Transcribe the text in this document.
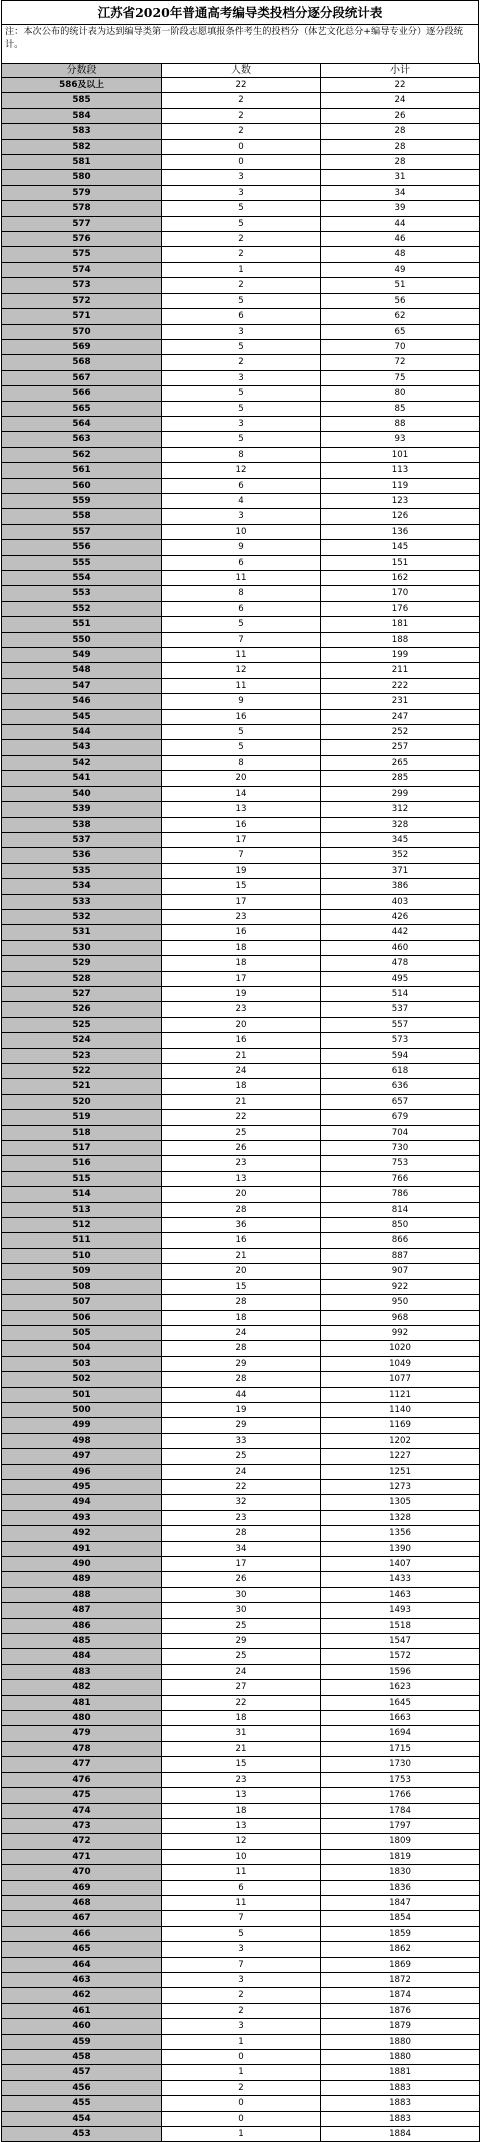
江苏省2020年普通高考编导类投档分逐分段统计表
注：本次公布的统计表为达到编导类第一阶段志愿填报条件考生的投档分（体艺文化总分+编导专业分）逐分段统计。
分数段	人数	小计
586及以上	22	22
585	2	24
584	2	26
583	2	28
582	0	28
581	0	28
580	3	31
579	3	34
578	5	39
577	5	44
576	2	46
575	2	48
574	1	49
573	2	51
572	5	56
571	6	62
570	3	65
569	5	70
568	2	72
567	3	75
566	5	80
565	5	85
564	3	88
563	5	93
562	8	101
561	12	113
560	6	119
559	4	123
558	3	126
557	10	136
556	9	145
555	6	151
554	11	162
553	8	170
552	6	176
551	5	181
550	7	188
549	11	199
548	12	211
547	11	222
546	9	231
545	16	247
544	5	252
543	5	257
542	8	265
541	20	285
540	14	299
539	13	312
538	16	328
537	17	345
536	7	352
535	19	371
534	15	386
533	17	403
532	23	426
531	16	442
530	18	460
529	18	478
528	17	495
527	19	514
526	23	537
525	20	557
524	16	573
523	21	594
522	24	618
521	18	636
520	21	657
519	22	679
518	25	704
517	26	730
516	23	753
515	13	766
514	20	786
513	28	814
512	36	850
511	16	866
510	21	887
509	20	907
508	15	922
507	28	950
506	18	968
505	24	992
504	28	1020
503	29	1049
502	28	1077
501	44	1121
500	19	1140
499	29	1169
498	33	1202
497	25	1227
496	24	1251
495	22	1273
494	32	1305
493	23	1328
492	28	1356
491	34	1390
490	17	1407
489	26	1433
488	30	1463
487	30	1493
486	25	1518
485	29	1547
484	25	1572
483	24	1596
482	27	1623
481	22	1645
480	18	1663
479	31	1694
478	21	1715
477	15	1730
476	23	1753
475	13	1766
474	18	1784
473	13	1797
472	12	1809
471	10	1819
470	11	1830
469	6	1836
468	11	1847
467	7	1854
466	5	1859
465	3	1862
464	7	1869
463	3	1872
462	2	1874
461	2	1876
460	3	1879
459	1	1880
458	0	1880
457	1	1881
456	2	1883
455	0	1883
454	0	1883
453	1	1884
